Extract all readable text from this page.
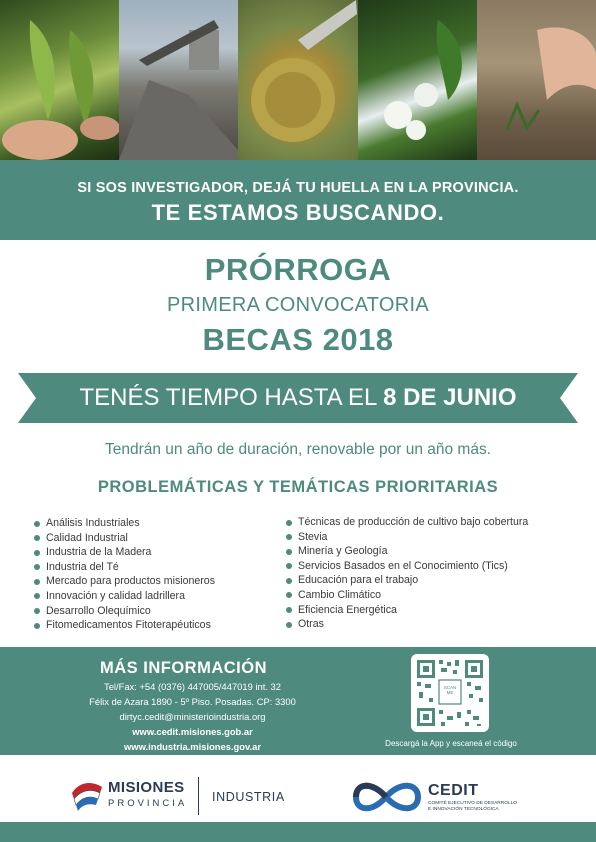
SI SOS INVESTIGADOR, DEJÁ TU HUELLA EN LA PROVINCIA.
TE ESTAMOS BUSCANDO.
PRÓRROGA
PRIMERA CONVOCATORIA
BECAS 2018
TENÉS TIEMPO HASTA EL 8 DE JUNIO
Tendrán un año de duración, renovable por un año más.
PROBLEMÁTICAS Y TEMÁTICAS PRIORITARIAS
Análisis Industriales
Calidad Industrial
Industria de la Madera
Industria del Té
Mercado para productos misioneros
Innovación y calidad ladrillera
Desarrollo Olequímico
Fitomedicamentos Fitoterapéuticos
Técnicas de producción de cultivo bajo cobertura
Stevia
Minería y Geología
Servicios Basados en el Conocimiento (Tics)
Educación para el trabajo
Cambio Climático
Eficiencia Energética
Otras
MÁS INFORMACIÓN
Tel/Fax: +54 (0376) 447005/447019 int. 32
Félix de Azara 1890 - 5º Piso. Posadas. CP: 3300
dirtyc.cedit@ministerioindustria.org
www.cedit.misiones.gob.ar
www.industria.misiones.gov.ar
SCAN ME
Descargá la App y escaneá el código
MISIONES
PROVINCIA INDUSTRIA	CEDIT
COMITÉ EJECUTIVO DE DESARROLLO
E INNOVACIÓN TECNOLÓGICA
